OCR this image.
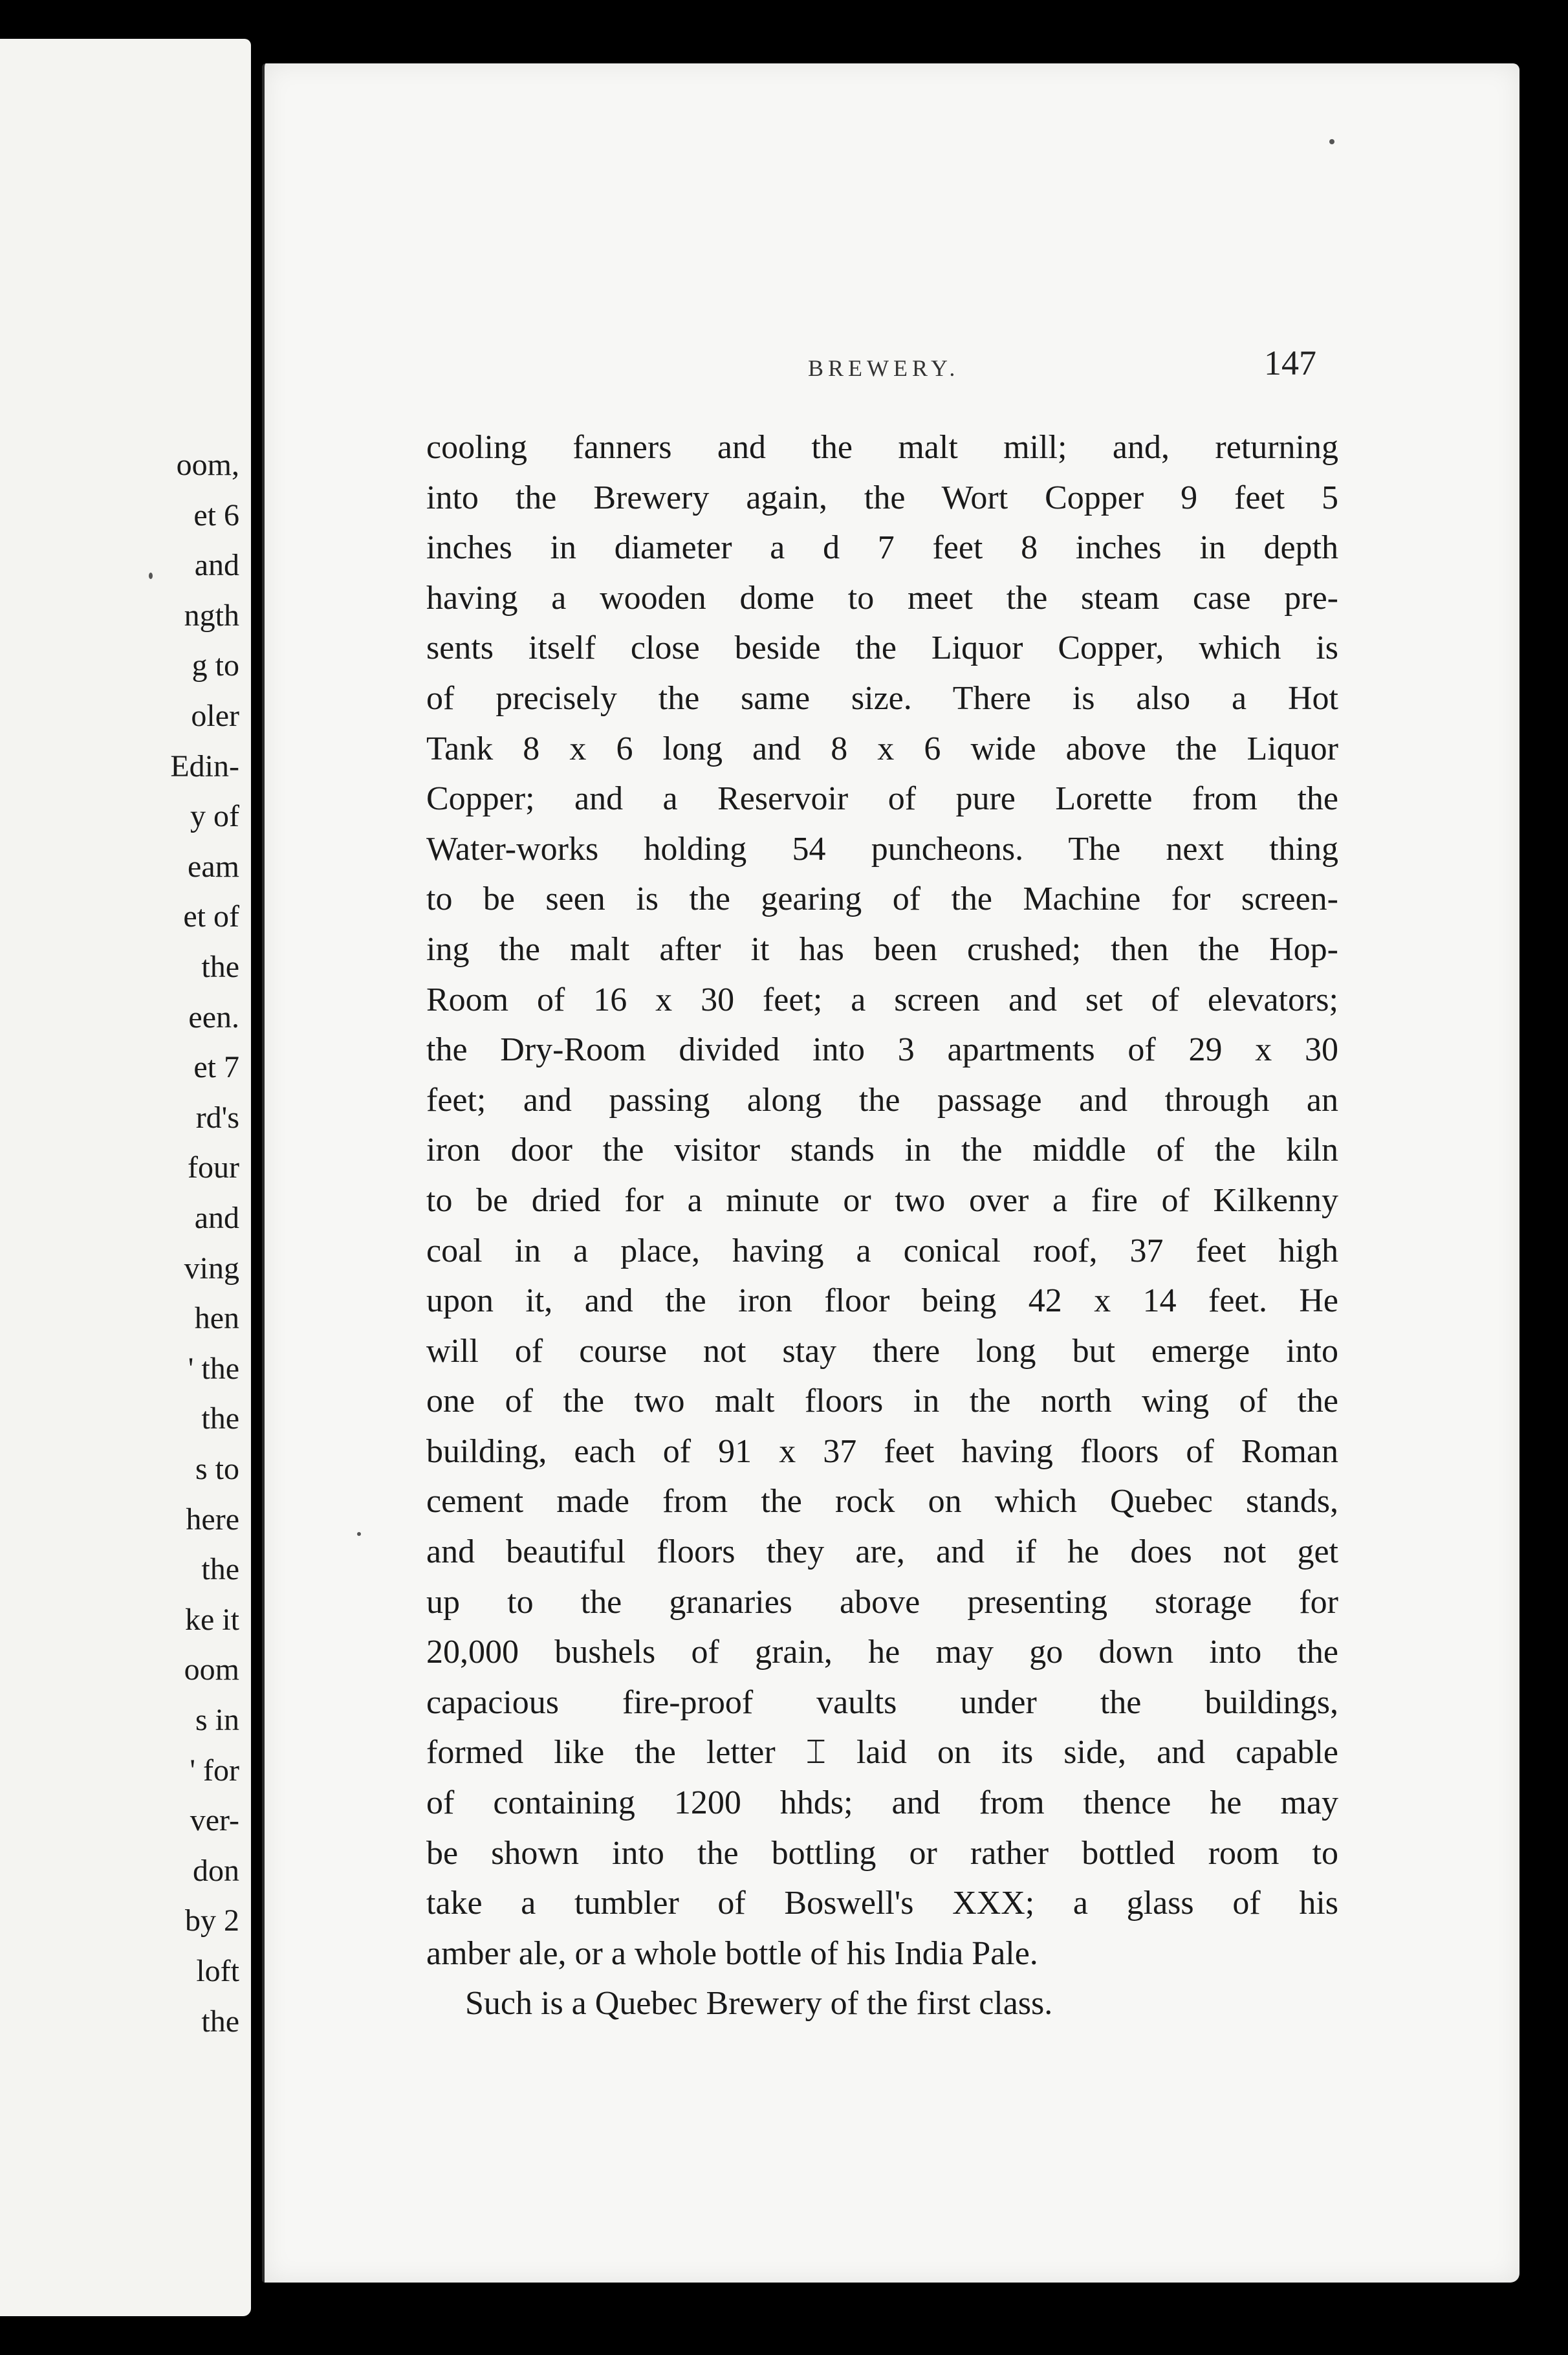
oom,
et 6
and
ngth
g to
oler
Edin-
y of
eam
et of
the
een.
et 7
rd's
four
and
ving
hen
' the
the
s to
here
the
ke it
oom
s in
' for
ver-
don
by 2
loft
the
BREWERY.	147
cooling fanners and the malt mill; and, returning
into the Brewery again, the Wort Copper 9 feet 5
inches in diameter a d 7 feet 8 inches in depth
having a wooden dome to meet the steam case pre-
sents itself close beside the Liquor Copper, which is
of precisely the same size. There is also a Hot
Tank 8 x 6 long and 8 x 6 wide above the Liquor
Copper; and a Reservoir of pure Lorette from the
Water-works holding 54 puncheons. The next thing
to be seen is the gearing of the Machine for screen-
ing the malt after it has been crushed; then the Hop-
Room of 16 x 30 feet; a screen and set of elevators;
the Dry-Room divided into 3 apartments of 29 x 30
feet; and passing along the passage and through an
iron door the visitor stands in the middle of the kiln
to be dried for a minute or two over a fire of Kilkenny
coal in a place, having a conical roof, 37 feet high
upon it, and the iron floor being 42 x 14 feet. He
will of course not stay there long but emerge into
one of the two malt floors in the north wing of the
building, each of 91 x 37 feet having floors of Roman
cement made from the rock on which Quebec stands,
and beautiful floors they are, and if he does not get
up to the granaries above presenting storage for
20,000 bushels of grain, he may go down into the
capacious fire-proof vaults under the buildings,
formed like the letter ⌶ laid on its side, and capable
of containing 1200 hhds; and from thence he may
be shown into the bottling or rather bottled room to
take a tumbler of Boswell's XXX; a glass of his
amber ale, or a whole bottle of his India Pale.
Such is a Quebec Brewery of the first class.
